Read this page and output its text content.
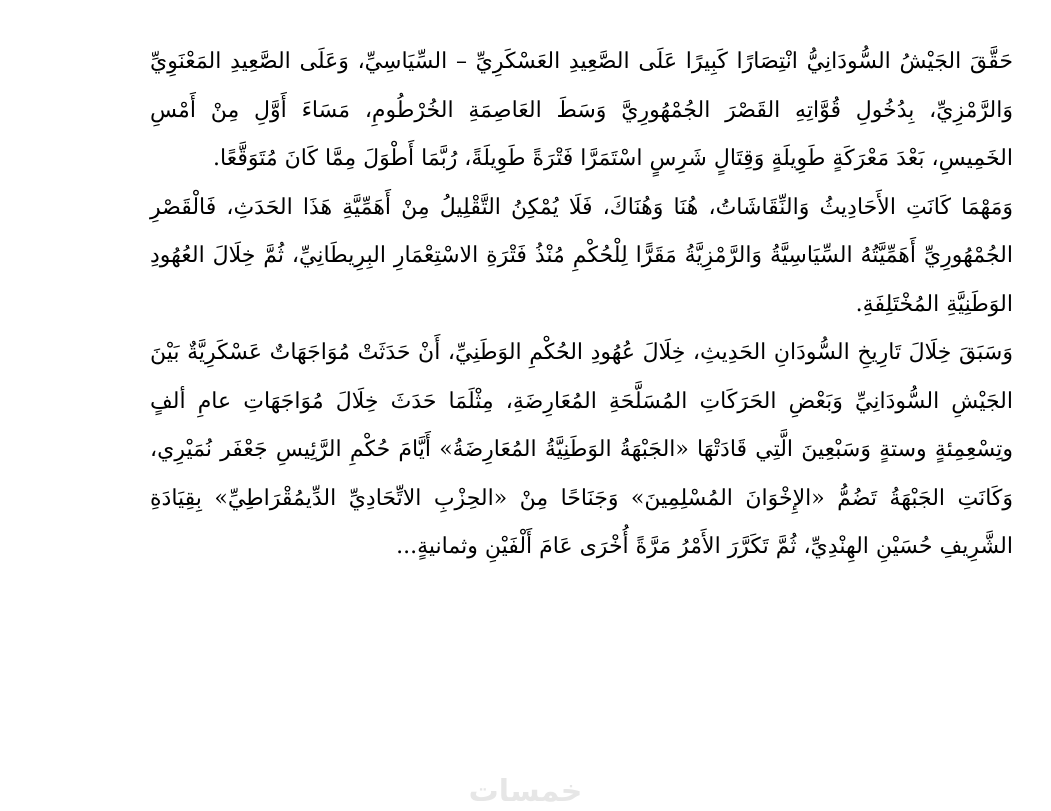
حَقَّقَ الجَيْشُ السُّودَانِيُّ انْتِصَارًا كَبِيرًا عَلَى الصَّعِيدِ العَسْكَرِيِّ – السِّيَاسِيِّ، وَعَلَى الصَّعِيدِ المَعْنَوِيِّ وَالرَّمْزِيِّ، بِدُخُولِ قُوَّاتِهِ القَصْرَ الجُمْهُورِيَّ وَسَطَ العَاصِمَةِ الخُرْطُومِ، مَسَاءَ أَوَّلِ مِنْ أَمْسِ الخَمِيسِ، بَعْدَ مَعْرَكَةٍ طَوِيلَةٍ وَقِتَالٍ شَرِسٍ اسْتَمَرَّا فَتْرَةً طَوِيلَةً، رُبَّمَا أَطْوَلَ مِمَّا كَانَ مُتَوَقَّعًا.

وَمَهْمَا كَانَتِ الأَحَادِيثُ وَالنِّقَاشَاتُ، هُنَا وَهُنَاكَ، فَلَا يُمْكِنُ التَّقْلِيلُ مِنْ أَهَمِّيَّةِ هَذَا الحَدَثِ، فَالْقَصْرِ الجُمْهُورِيِّ أَهَمِّيَّتُهُ السِّيَاسِيَّةُ وَالرَّمْزِيَّةُ مَقَرًّا لِلْحُكْمِ مُنْذُ فَتْرَةِ الاسْتِعْمَارِ البِرِيطَانِيِّ، ثُمَّ خِلَالَ العُهُودِ الوَطَنِيَّةِ المُخْتَلِفَةِ.

وَسَبَقَ خِلَالَ تَارِيخِ السُّودَانِ الحَدِيثِ، خِلَالَ عُهُودِ الحُكْمِ الوَطَنِيِّ، أَنْ حَدَثَتْ مُوَاجَهَاتٌ عَسْكَرِيَّةٌ بَيْنَ الجَيْشِ السُّودَانِيِّ وَبَعْضِ الحَرَكَاتِ المُسَلَّحَةِ المُعَارِضَةِ، مِثْلَمَا حَدَثَ خِلَالَ مُوَاجَهَاتِ عامِ ألفٍ وتِسْعِمِئةٍ وستةٍ وَسَبْعِينَ الَّتِي قَادَتْهَا «الجَبْهَةُ الوَطَنِيَّةُ المُعَارِضَةُ» أَيَّامَ حُكْمِ الرَّئِيسِ جَعْفَر نُمَيْرِي، وَكَانَتِ الجَبْهَةُ تَضُمُّ «الإِخْوَانَ المُسْلِمِينَ» وَجَنَاحًا مِنْ «الحِزْبِ الاتِّحَادِيِّ الدِّيمُقْرَاطِيِّ» بِقِيَادَةِ الشَّرِيفِ حُسَيْنِ الهِنْدِيِّ، ثُمَّ تَكَرَّرَ الأَمْرُ مَرَّةً أُخْرَى عَامَ أَلْفَيْنِ وثمانيةٍ...

خمسات
